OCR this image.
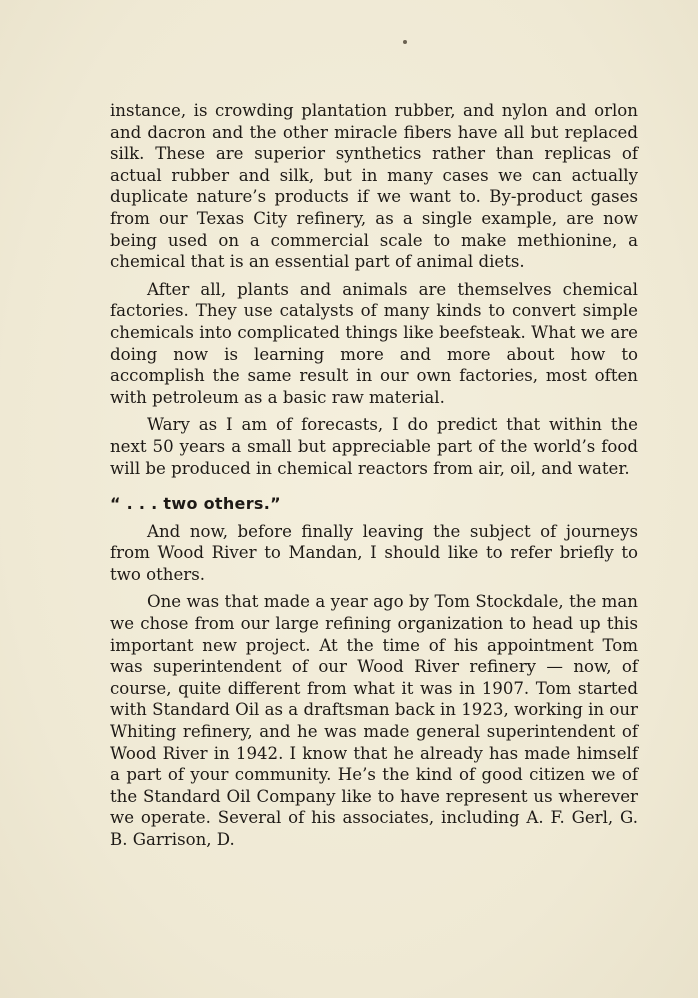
instance, is crowding plantation rubber, and nylon and orlon and dacron and the other miracle fibers have all but replaced silk. These are superior synthetics rather than replicas of actual rubber and silk, but in many cases we can actually duplicate nature’s products if we want to. By-product gases from our Texas City refinery, as a single example, are now being used on a commercial scale to make methionine, a chemical that is an essential part of animal diets.

After all, plants and animals are themselves chemical factories. They use catalysts of many kinds to convert simple chemicals into complicated things like beefsteak. What we are doing now is learning more and more about how to accomplish the same result in our own factories, most often with petroleum as a basic raw material.

Wary as I am of forecasts, I do predict that within the next 50 years a small but appreciable part of the world’s food will be produced in chemical reactors from air, oil, and water.

“ . . . two others.”

And now, before finally leaving the subject of journeys from Wood River to Mandan, I should like to refer briefly to two others.

One was that made a year ago by Tom Stockdale, the man we chose from our large refining organization to head up this important new project. At the time of his appointment Tom was superintendent of our Wood River refinery — now, of course, quite different from what it was in 1907. Tom started with Standard Oil as a draftsman back in 1923, working in our Whiting refinery, and he was made general superintendent of Wood River in 1942. I know that he already has made himself a part of your community. He’s the kind of good citizen we of the Standard Oil Company like to have represent us wherever we operate. Several of his associates, including A. F. Gerl, G. B. Garrison, D.
